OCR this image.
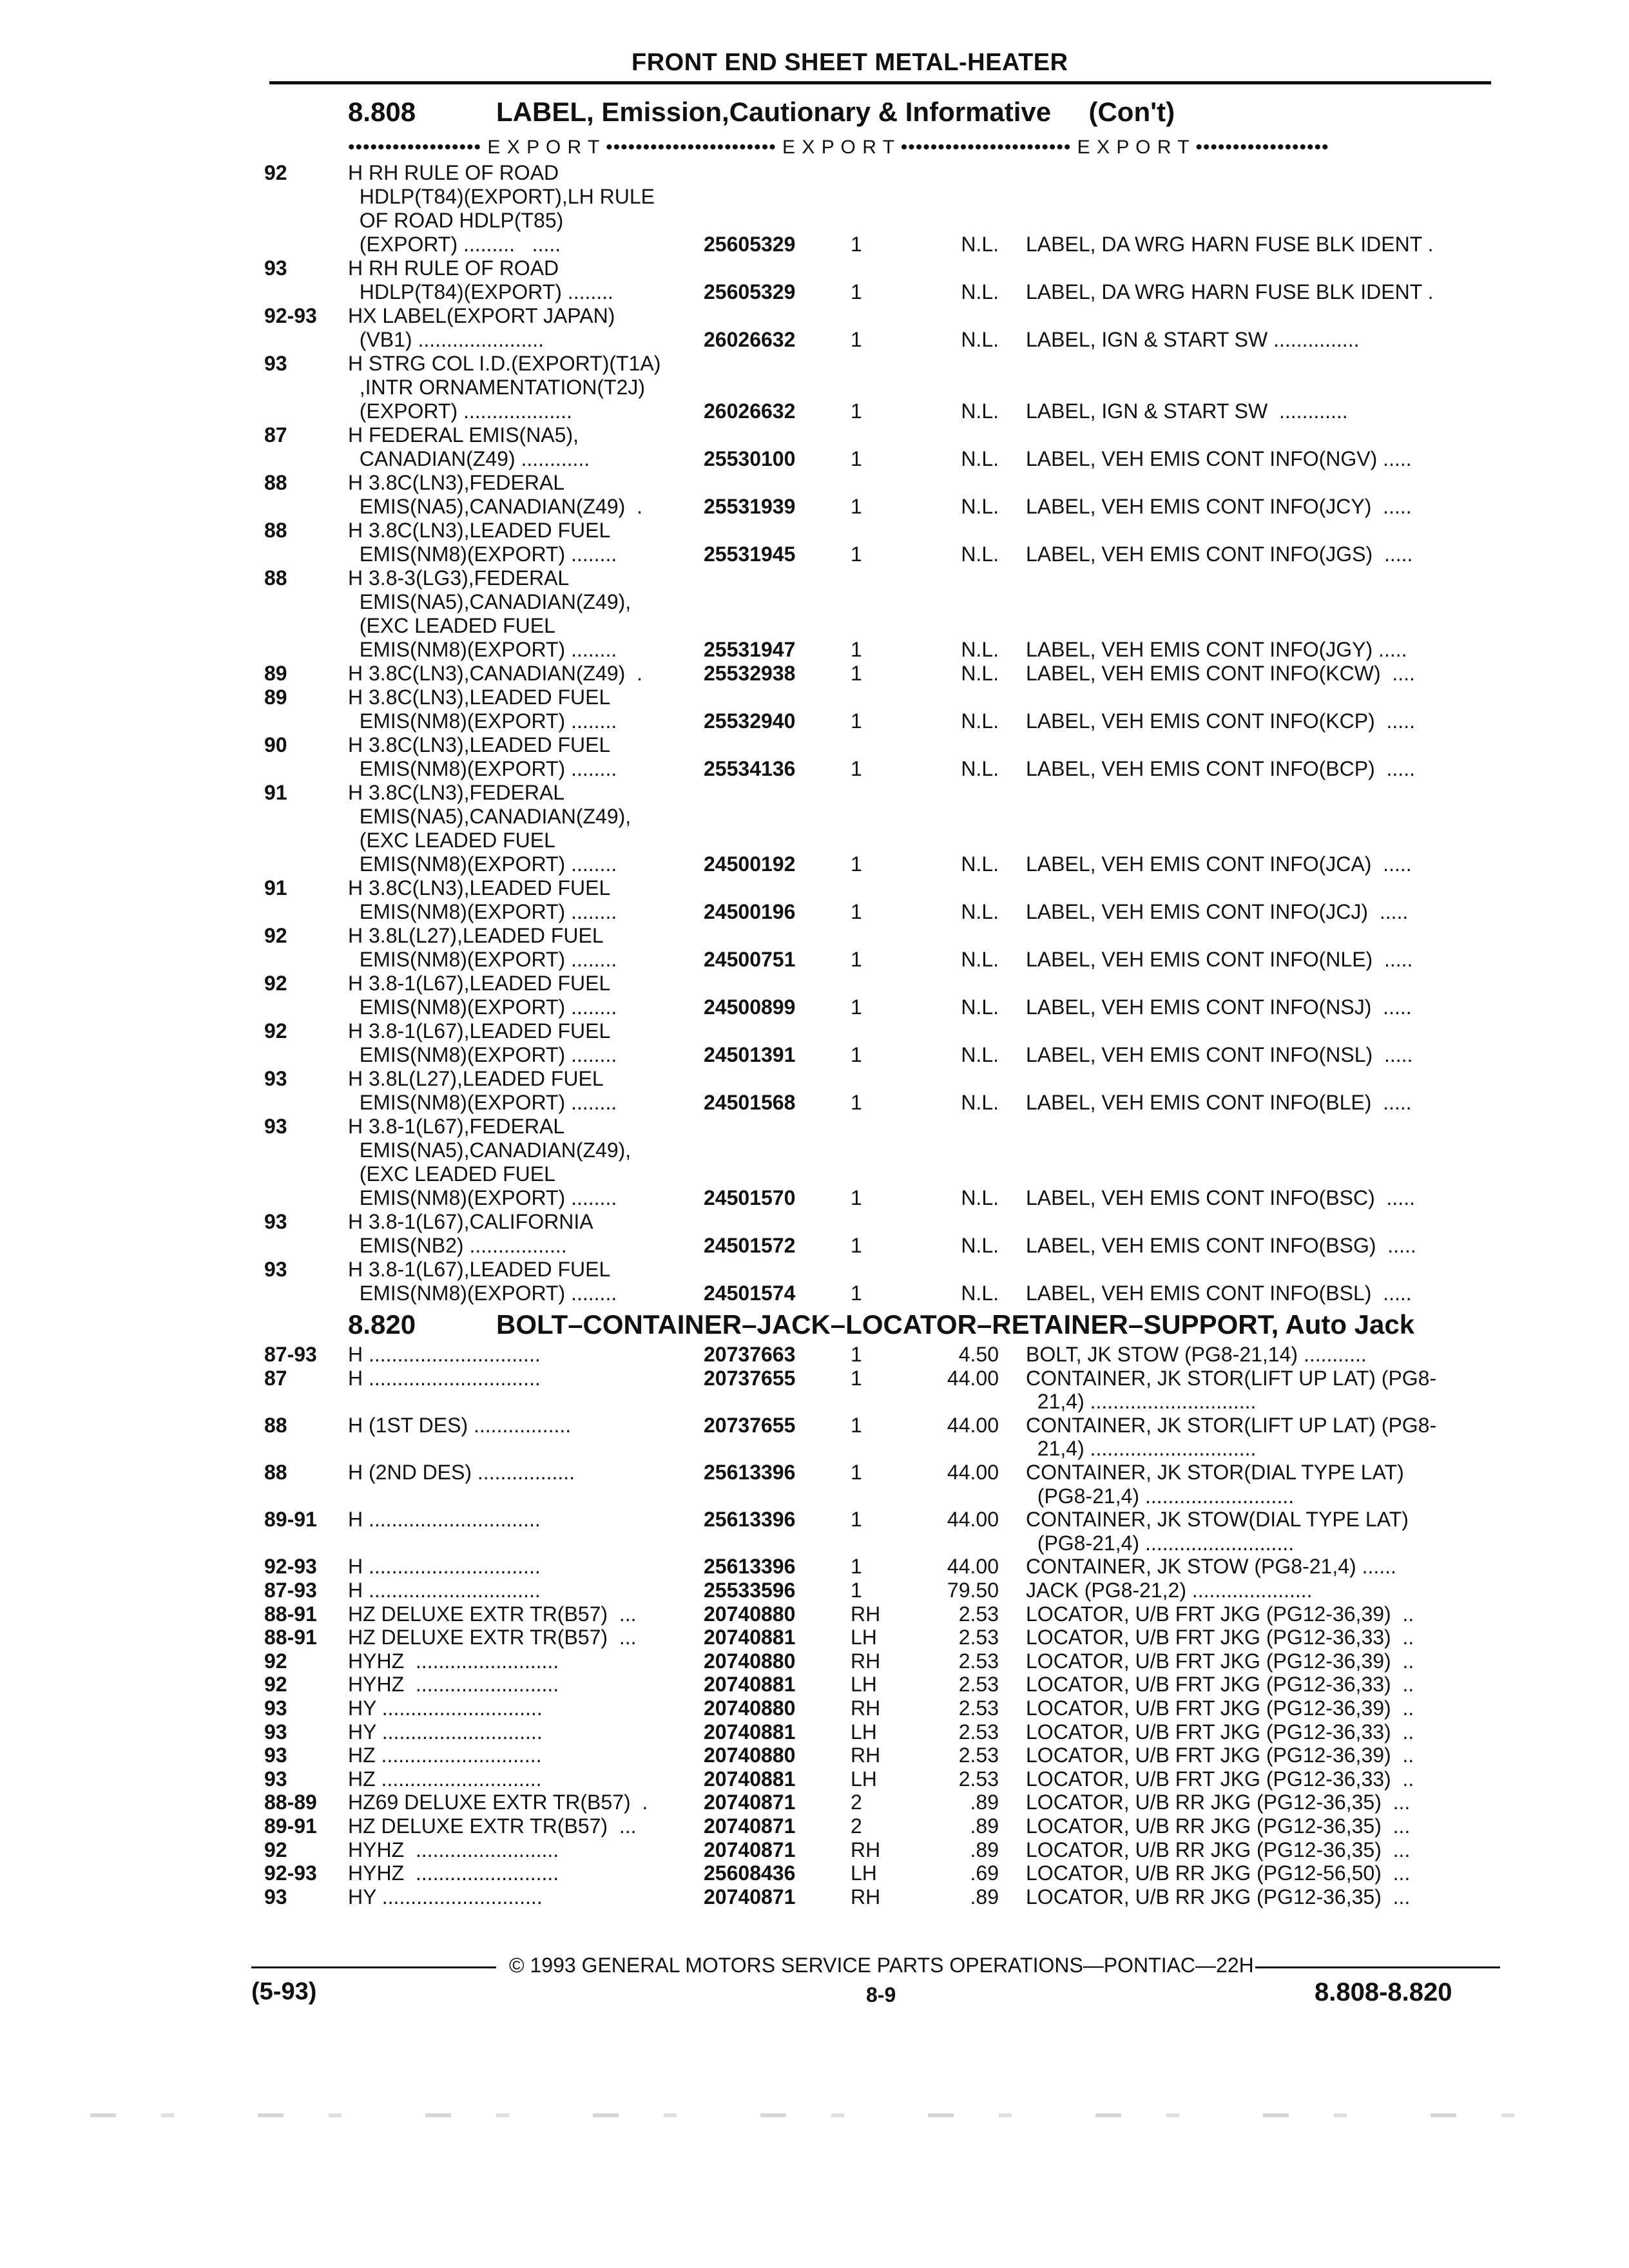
FRONT END SHEET METAL-HEATER
8.808	LABEL, Emission,Cautionary & Informative     (Con't)
•••••••••••••••••• E X P O R T ••••••••••••••••••••••• E X P O R T ••••••••••••••••••••••• E X P O R T ••••••••••••••••••
92	H RH RULE OF ROAD
HDLP(T84)(EXPORT),LH RULE
OF ROAD HDLP(T85)
(EXPORT) .........   .....	25605329	1	N.L. LABEL, DA WRG HARN FUSE BLK IDENT .
93	H RH RULE OF ROAD
HDLP(T84)(EXPORT) ........	25605329	1	N.L. LABEL, DA WRG HARN FUSE BLK IDENT .
92-93 HX LABEL(EXPORT JAPAN)
(VB1) ......................	26026632	1	N.L. LABEL, IGN & START SW ...............
93	H STRG COL I.D.(EXPORT)(T1A)
,INTR ORNAMENTATION(T2J)
(EXPORT) ...................	26026632	1	N.L. LABEL, IGN & START SW  ............
87	H FEDERAL EMIS(NA5),
CANADIAN(Z49) ............	25530100	1	N.L. LABEL, VEH EMIS CONT INFO(NGV) .....
88	H 3.8C(LN3),FEDERAL
EMIS(NA5),CANADIAN(Z49)  .	25531939	1	N.L. LABEL, VEH EMIS CONT INFO(JCY)  .....
88	H 3.8C(LN3),LEADED FUEL
EMIS(NM8)(EXPORT) ........	25531945	1	N.L. LABEL, VEH EMIS CONT INFO(JGS)  .....
88	H 3.8-3(LG3),FEDERAL
EMIS(NA5),CANADIAN(Z49),
(EXC LEADED FUEL
EMIS(NM8)(EXPORT) ........	25531947	1	N.L. LABEL, VEH EMIS CONT INFO(JGY) .....
89	H 3.8C(LN3),CANADIAN(Z49)  .	25532938	1	N.L. LABEL, VEH EMIS CONT INFO(KCW)  ....
89	H 3.8C(LN3),LEADED FUEL
EMIS(NM8)(EXPORT) ........	25532940	1	N.L. LABEL, VEH EMIS CONT INFO(KCP)  .....
90	H 3.8C(LN3),LEADED FUEL
EMIS(NM8)(EXPORT) ........	25534136	1	N.L. LABEL, VEH EMIS CONT INFO(BCP)  .....
91	H 3.8C(LN3),FEDERAL
EMIS(NA5),CANADIAN(Z49),
(EXC LEADED FUEL
EMIS(NM8)(EXPORT) ........	24500192	1	N.L. LABEL, VEH EMIS CONT INFO(JCA)  .....
91	H 3.8C(LN3),LEADED FUEL
EMIS(NM8)(EXPORT) ........	24500196	1	N.L. LABEL, VEH EMIS CONT INFO(JCJ)  .....
92	H 3.8L(L27),LEADED FUEL
EMIS(NM8)(EXPORT) ........	24500751	1	N.L. LABEL, VEH EMIS CONT INFO(NLE)  .....
92	H 3.8-1(L67),LEADED FUEL
EMIS(NM8)(EXPORT) ........	24500899	1	N.L. LABEL, VEH EMIS CONT INFO(NSJ)  .....
92	H 3.8-1(L67),LEADED FUEL
EMIS(NM8)(EXPORT) ........	24501391	1	N.L. LABEL, VEH EMIS CONT INFO(NSL)  .....
93	H 3.8L(L27),LEADED FUEL
EMIS(NM8)(EXPORT) ........	24501568	1	N.L. LABEL, VEH EMIS CONT INFO(BLE)  .....
93	H 3.8-1(L67),FEDERAL
EMIS(NA5),CANADIAN(Z49),
(EXC LEADED FUEL
EMIS(NM8)(EXPORT) ........	24501570	1	N.L. LABEL, VEH EMIS CONT INFO(BSC)  .....
93	H 3.8-1(L67),CALIFORNIA
EMIS(NB2) .................	24501572	1	N.L. LABEL, VEH EMIS CONT INFO(BSG)  .....
93	H 3.8-1(L67),LEADED FUEL
EMIS(NM8)(EXPORT) ........	24501574	1	N.L. LABEL, VEH EMIS CONT INFO(BSL)  .....
8.820	BOLT–CONTAINER–JACK–LOCATOR–RETAINER–SUPPORT, Auto Jack
87-93 H ..............................	20737663	1	4.50 BOLT, JK STOW (PG8-21,14) ...........
87	H ..............................	20737655	1	44.00 CONTAINER, JK STOR(LIFT UP LAT) (PG8-
21,4) .............................
88	H (1ST DES) .................	20737655	1	44.00 CONTAINER, JK STOR(LIFT UP LAT) (PG8-
21,4) .............................
88	H (2ND DES) .................	25613396	1	44.00 CONTAINER, JK STOR(DIAL TYPE LAT)
(PG8-21,4) ..........................
89-91 H ..............................	25613396	1	44.00 CONTAINER, JK STOW(DIAL TYPE LAT)
(PG8-21,4) ..........................
92-93 H ..............................	25613396	1	44.00 CONTAINER, JK STOW (PG8-21,4) ......
87-93 H ..............................	25533596	1	79.50 JACK (PG8-21,2) .....................
88-91 HZ DELUXE EXTR TR(B57)  ...	20740880	RH	2.53 LOCATOR, U/B FRT JKG (PG12-36,39)  ..
88-91 HZ DELUXE EXTR TR(B57)  ...	20740881	LH	2.53 LOCATOR, U/B FRT JKG (PG12-36,33)  ..
92	HYHZ  .........................	20740880	RH	2.53 LOCATOR, U/B FRT JKG (PG12-36,39)  ..
92	HYHZ  .........................	20740881	LH	2.53 LOCATOR, U/B FRT JKG (PG12-36,33)  ..
93	HY ............................	20740880	RH	2.53 LOCATOR, U/B FRT JKG (PG12-36,39)  ..
93	HY ............................	20740881	LH	2.53 LOCATOR, U/B FRT JKG (PG12-36,33)  ..
93	HZ ............................	20740880	RH	2.53 LOCATOR, U/B FRT JKG (PG12-36,39)  ..
93	HZ ............................	20740881	LH	2.53 LOCATOR, U/B FRT JKG (PG12-36,33)  ..
88-89 HZ69 DELUXE EXTR TR(B57)  .	20740871	2	.89 LOCATOR, U/B RR JKG (PG12-36,35)  ...
89-91 HZ DELUXE EXTR TR(B57)  ...	20740871	2	.89 LOCATOR, U/B RR JKG (PG12-36,35)  ...
92	HYHZ  .........................	20740871	RH	.89 LOCATOR, U/B RR JKG (PG12-36,35)  ...
92-93 HYHZ  .........................	25608436	LH	.69 LOCATOR, U/B RR JKG (PG12-56,50)  ...
93	HY ............................	20740871	RH	.89 LOCATOR, U/B RR JKG (PG12-36,35)  ...
© 1993 GENERAL MOTORS SERVICE PARTS OPERATIONS—PONTIAC—22H
(5-93)	8-9	8.808-8.820
